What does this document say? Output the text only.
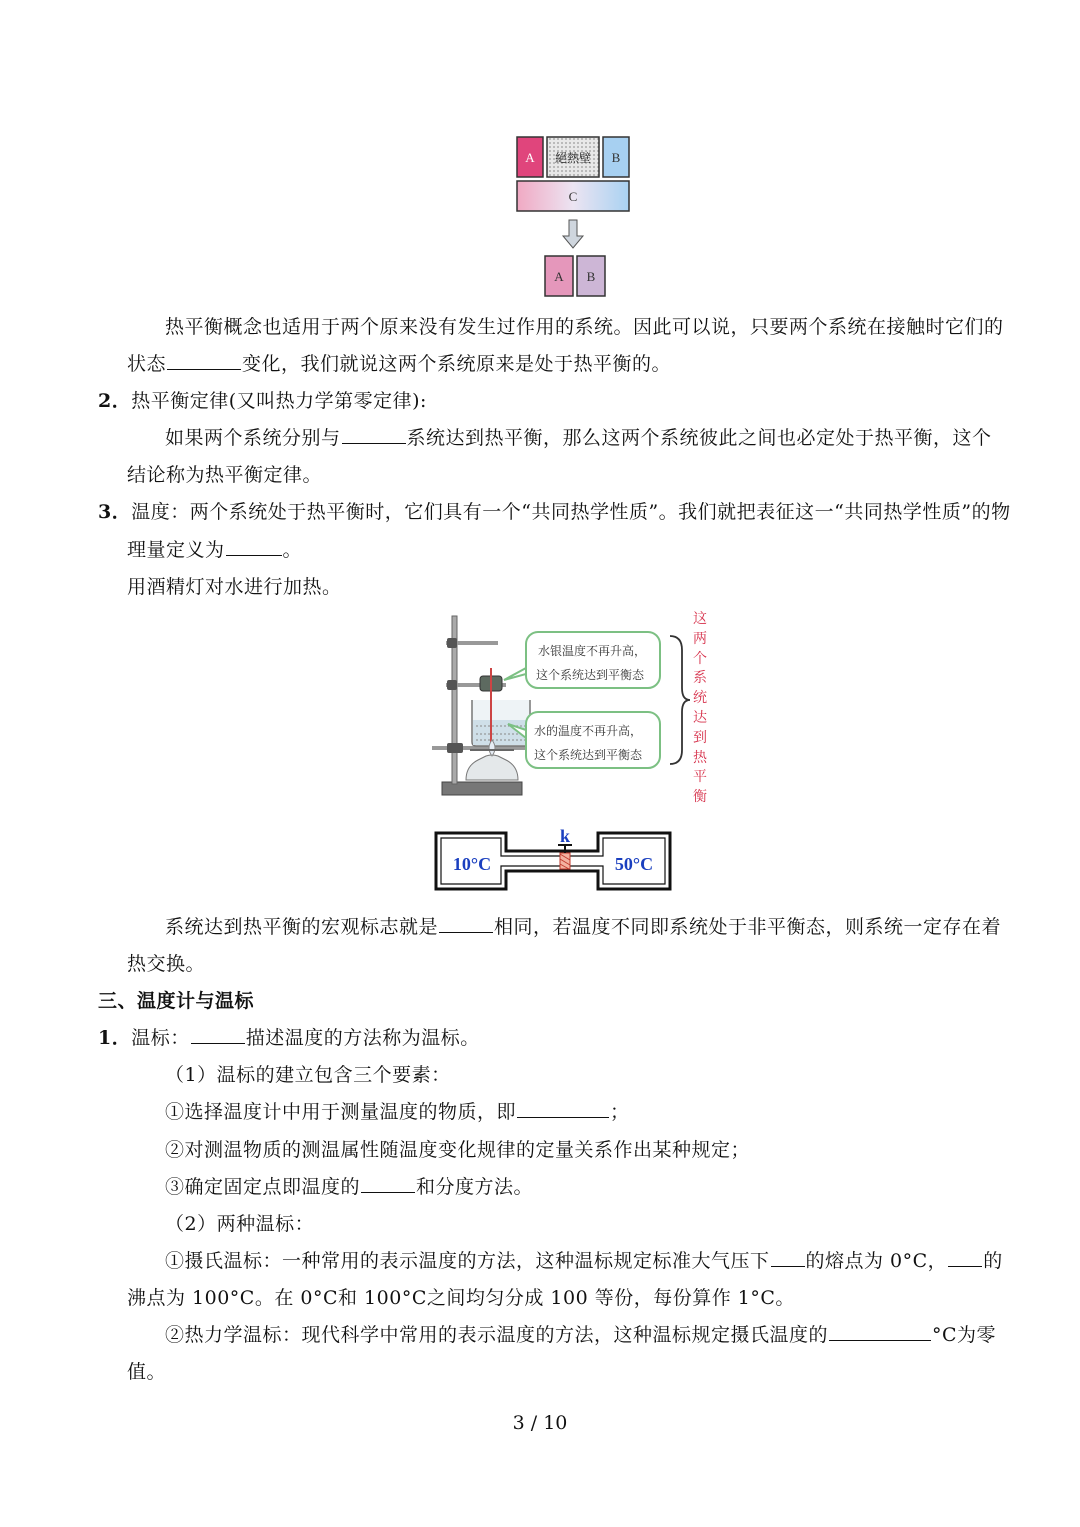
A 絕熱壁 B
C
A B
热平衡概念也适用于两个原来没有发生过作用的系统。因此可以说，只要两个系统在接触时它们的
状态	变化，我们就说这两个系统原来是处于热平衡的。
2．热平衡定律(又叫热力学第零定律):
如果两个系统分别与	系统达到热平衡，那么这两个系统彼此之间也必定处于热平衡，这个
结论称为热平衡定律。
3．温度：两个系统处于热平衡时，它们具有一个“共同热学性质”。我们就把表征这一“共同热学性质”的物
理量定义为	。
用酒精灯对水进行加热。
水银温度不再升高，
这个系统达到平衡态
水的温度不再升高，
这个系统达到平衡态
这两个系统达到热平衡
k
10°C	50°C
系统达到热平衡的宏观标志就是	相同，若温度不同即系统处于非平衡态，则系统一定存在着
热交换。
三、温度计与温标
1．温标：	描述温度的方法称为温标。
（1）温标的建立包含三个要素：
①选择温度计中用于测量温度的物质，即	；
②对测温物质的测温属性随温度变化规律的定量关系作出某种规定；
③确定固定点即温度的	和分度方法。
（2）两种温标：
①摄氏温标：一种常用的表示温度的方法，这种温标规定标准大气压下 的熔点为 0°C， 的
沸点为 100°C。在 0°C和 100°C之间均匀分成 100 等份，每份算作 1°C。
②热力学温标：现代科学中常用的表示温度的方法，这种温标规定摄氏温度的	°C为零
值。
3 / 10
